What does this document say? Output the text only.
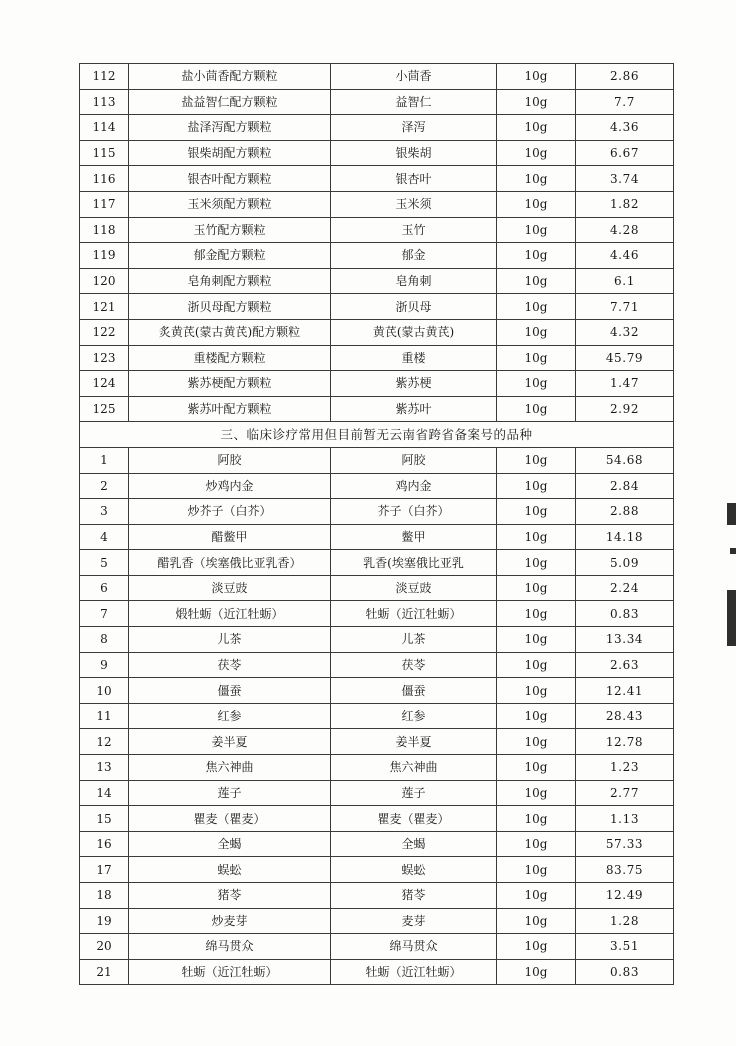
112	盐小茴香配方颗粒	小茴香	10g	2.86
113	盐益智仁配方颗粒	益智仁	10g	7.7
114	盐泽泻配方颗粒	泽泻	10g	4.36
115	银柴胡配方颗粒	银柴胡	10g	6.67
116	银杏叶配方颗粒	银杏叶	10g	3.74
117	玉米须配方颗粒	玉米须	10g	1.82
118	玉竹配方颗粒	玉竹	10g	4.28
119	郁金配方颗粒	郁金	10g	4.46
120	皂角刺配方颗粒	皂角刺	10g	6.1
121	浙贝母配方颗粒	浙贝母	10g	7.71
122	炙黄芪(蒙古黄芪)配方颗粒	黄芪(蒙古黄芪)	10g	4.32
123	重楼配方颗粒	重楼	10g	45.79
124	紫苏梗配方颗粒	紫苏梗	10g	1.47
125	紫苏叶配方颗粒	紫苏叶	10g	2.92
三、临床诊疗常用但目前暂无云南省跨省备案号的品种				
1	阿胶	阿胶	10g	54.68
2	炒鸡内金	鸡内金	10g	2.84
3	炒芥子（白芥）	芥子（白芥）	10g	2.88
4	醋鳖甲	鳖甲	10g	14.18
5	醋乳香（埃塞俄比亚乳香）	乳香(埃塞俄比亚乳	10g	5.09
6	淡豆豉	淡豆豉	10g	2.24
7	煅牡蛎（近江牡蛎）	牡蛎（近江牡蛎）	10g	0.83
8	儿茶	儿茶	10g	13.34
9	茯苓	茯苓	10g	2.63
10	僵蚕	僵蚕	10g	12.41
11	红参	红参	10g	28.43
12	姜半夏	姜半夏	10g	12.78
13	焦六神曲	焦六神曲	10g	1.23
14	莲子	莲子	10g	2.77
15	瞿麦（瞿麦）	瞿麦（瞿麦）	10g	1.13
16	全蝎	全蝎	10g	57.33
17	蜈蚣	蜈蚣	10g	83.75
18	猪苓	猪苓	10g	12.49
19	炒麦芽	麦芽	10g	1.28
20	绵马贯众	绵马贯众	10g	3.51
21	牡蛎（近江牡蛎）	牡蛎（近江牡蛎）	10g	0.83
